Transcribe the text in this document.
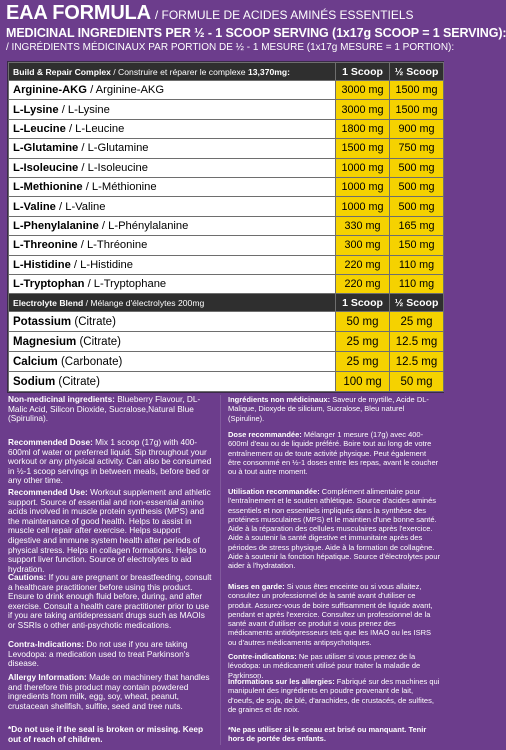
EAA FORMULA / FORMULE DE ACIDES AMINÉS ESSENTIELS
MEDICINAL INGREDIENTS PER ½ - 1 SCOOP SERVING (1x17g SCOOP = 1 SERVING):
/ INGRÉDIENTS MÉDICINAUX PAR PORTION DE ½ - 1 MESURE (1x17g MESURE = 1 PORTION):
Build & Repair Complex / Construire et réparer le complexe 13,370mg:	1 Scoop	½ Scoop
Arginine-AKG / Arginine-AKG	3000 mg	1500 mg
L-Lysine / L-Lysine	3000 mg	1500 mg
L-Leucine / L-Leucine	1800 mg	900 mg
L-Glutamine / L-Glutamine	1500 mg	750 mg
L-Isoleucine / L-Isoleucine	1000 mg	500 mg
L-Methionine / L-Méthionine	1000 mg	500 mg
L-Valine / L-Valine	1000 mg	500 mg
L-Phenylalanine / L-Phénylalanine	330 mg	165 mg
L-Threonine / L-Thréonine	300 mg	150 mg
L-Histidine / L-Histidine	220 mg	110 mg
L-Tryptophan / L-Tryptophane	220 mg	110 mg
Electrolyte Blend / Mélange d'électrolytes 200mg	1 Scoop	½ Scoop
Potassium (Citrate)	50 mg	25 mg
Magnesium (Citrate)	25 mg	12.5 mg
Calcium (Carbonate)	25 mg	12.5 mg
Sodium (Citrate)	100 mg	50 mg
Non-medicinal ingredients: Blueberry Flavour, DL-Malic Acid, Silicon Dioxide, Sucralose,Natural Blue (Spirulina).
Recommended Dose: Mix 1 scoop (17g) with 400-600ml of water or preferred liquid. Sip throughout your workout or any physical activity. Can also be consumed in ½-1 scoop servings in between meals, before bed or any other time.
Recommended Use: Workout supplement and athletic support. Source of essential and non-essential amino acids involved in muscle protein synthesis (MPS) and the maintenance of good health. Helps to assist in muscle cell repair after exercise. Helps support digestive and immune system health after periods of physical stress. Helps in collagen formations. Helps to support liver function. Source of electrolytes to aid hydration.
Cautions: If you are pregnant or breastfeeding, consult a healthcare practitioner before using this product. Ensure to drink enough fluid before, during, and after exercise. Consult a health care practitioner prior to use if you are taking antidepressant drugs such as MAOIs or SSRIs o other anti-psychotic medications.
Contra-Indications: Do not use if you are taking Levodopa: a medication used to treat Parkinson's disease.
Allergy Information: Made on machinery that handles and therefore this product may contain powdered ingredients from milk, egg, soy, wheat, peanut, crustacean shellfish, sulfite, seed and tree nuts.
*Do not use if the seal is broken or missing. Keep out of reach of children.
Ingrédients non médicinaux: Saveur de myrtille, Acide DL-Malique, Dioxyde de silicium, Sucralose, Bleu naturel (Spiruline).
Dose recommandée: Mélanger 1 mesure (17g) avec 400-600ml d'eau ou de liquide préféré. Boire tout au long de votre entraînement ou de toute activité physique. Peut également être consommé en ½-1 doses entre les repas, avant le coucher ou à tout autre moment.
Utilisation recommandée: Complément alimentaire pour l'entraînement et le soutien athlétique. Source d'acides aminés essentiels et non essentiels impliqués dans la synthèse des protéines musculaires (MPS) et le maintien d'une bonne santé. Aide à la réparation des cellules musculaires après l'exercice. Aide à soutenir la santé digestive et immunitaire après des périodes de stress physique. Aide à la formation de collagène. Aide à soutenir la fonction hépatique. Source d'électrolytes pour aider à l'hydratation.
Mises en garde: Si vous êtes enceinte ou si vous allaitez, consultez un professionnel de la santé avant d'utiliser ce produit. Assurez-vous de boire suffisamment de liquide avant, pendant et après l'exercice. Consultez un professionnel de la santé avant d'utiliser ce produit si vous prenez des médicaments antidépresseurs tels que les IMAO ou les ISRS ou d'autres médicaments antipsychotiques.
Contre-indications: Ne pas utiliser si vous prenez de la lévodopa: un médicament utilisé pour traiter la maladie de Parkinson.
Informations sur les allergies: Fabriqué sur des machines qui manipulent des ingrédients en poudre provenant de lait, d'oeufs, de soja, de blé, d'arachides, de crustacés, de sulfites, de graines et de noix.
*Ne pas utiliser si le sceau est brisé ou manquant. Tenir hors de portée des enfants.
